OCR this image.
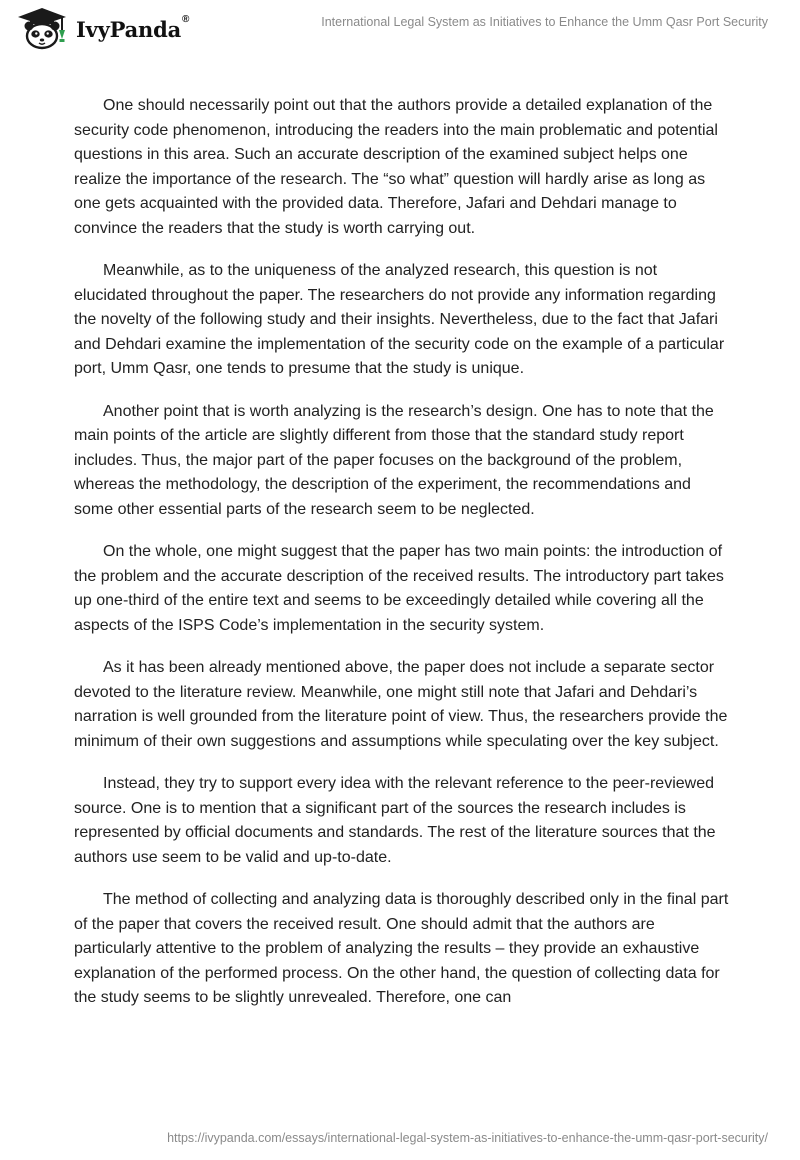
IvyPanda®	International Legal System as Initiatives to Enhance the Umm Qasr Port Security

One should necessarily point out that the authors provide a detailed explanation of the security code phenomenon, introducing the readers into the main problematic and potential questions in this area. Such an accurate description of the examined subject helps one realize the importance of the research. The “so what” question will hardly arise as long as one gets acquainted with the provided data. Therefore, Jafari and Dehdari manage to convince the readers that the study is worth carrying out.

Meanwhile, as to the uniqueness of the analyzed research, this question is not elucidated throughout the paper. The researchers do not provide any information regarding the novelty of the following study and their insights. Nevertheless, due to the fact that Jafari and Dehdari examine the implementation of the security code on the example of a particular port, Umm Qasr, one tends to presume that the study is unique.

Another point that is worth analyzing is the research’s design. One has to note that the main points of the article are slightly different from those that the standard study report includes. Thus, the major part of the paper focuses on the background of the problem, whereas the methodology, the description of the experiment, the recommendations and some other essential parts of the research seem to be neglected.

On the whole, one might suggest that the paper has two main points: the introduction of the problem and the accurate description of the received results. The introductory part takes up one-third of the entire text and seems to be exceedingly detailed while covering all the aspects of the ISPS Code’s implementation in the security system.

As it has been already mentioned above, the paper does not include a separate sector devoted to the literature review. Meanwhile, one might still note that Jafari and Dehdari’s narration is well grounded from the literature point of view. Thus, the researchers provide the minimum of their own suggestions and assumptions while speculating over the key subject.

Instead, they try to support every idea with the relevant reference to the peer-reviewed source. One is to mention that a significant part of the sources the research includes is represented by official documents and standards. The rest of the literature sources that the authors use seem to be valid and up-to-date.

The method of collecting and analyzing data is thoroughly described only in the final part of the paper that covers the received result. One should admit that the authors are particularly attentive to the problem of analyzing the results – they provide an exhaustive explanation of the performed process. On the other hand, the question of collecting data for the study seems to be slightly unrevealed. Therefore, one can

https://ivypanda.com/essays/international-legal-system-as-initiatives-to-enhance-the-umm-qasr-port-security/
